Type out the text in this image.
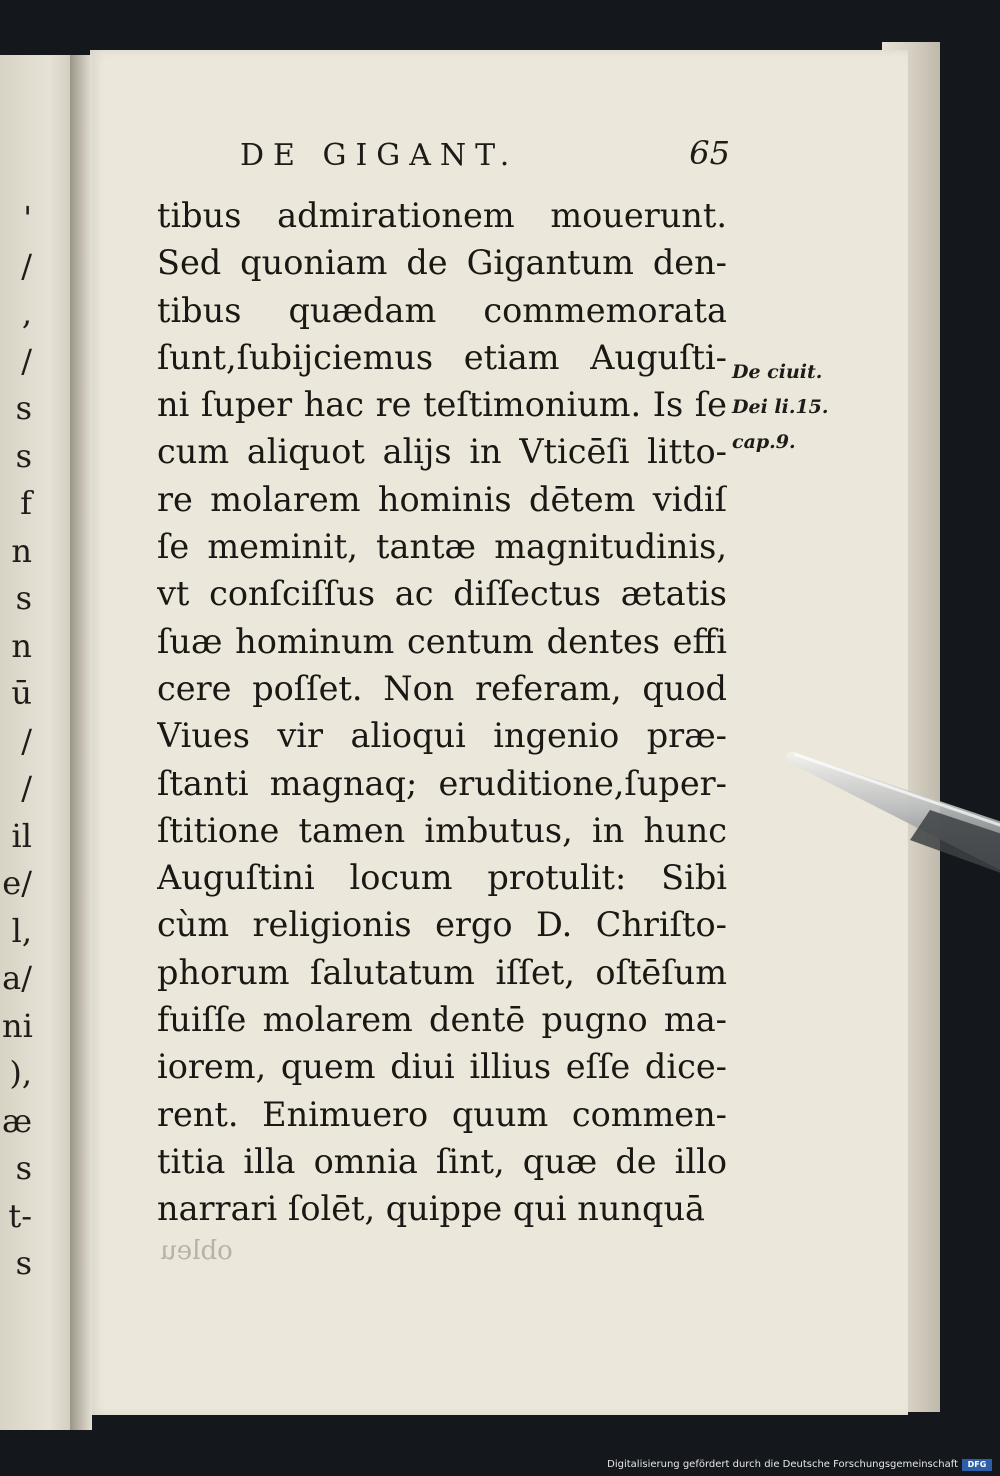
'
/
,
/
s
s
f
n
s
n
ū
/
/
il
e/
l,
a/
ni
),
æ
s
t-
s
DE GIGANT.	65
tibus admirationem mouerunt.
Sed quoniam de Gigantum den-
tibus quædam commemorata
ſunt,ſubijciemus etiam Auguſti-
ni ſuper hac re teſtimonium. Is ſe
cum aliquot alijs in Vticēſi litto-
re molarem hominis dētem vidiſ
ſe meminit, tantæ magnitudinis,
vt conſciſſus ac diſſectus ætatis
ſuæ hominum centum dentes effi
cere poſſet. Non referam, quod
Viues vir alioqui ingenio præ-
ſtanti magnaq; eruditione,ſuper-
ſtitione tamen imbutus, in hunc
Auguſtini locum protulit: Sibi
cùm religionis ergo D. Chriſto-
phorum ſalutatum iſſet, oſtēſum
fuiſſe molarem dentē pugno ma-
iorem, quem diui illius eſſe dice-
rent. Enimuero quum commen-
titia illa omnia ſint, quæ de illo
narrari ſolēt, quippe qui nunquā
De ciuit.
Dei li.15.
cap.9.
obleu
Digitalisierung gefördert durch die Deutsche Forschungsgemeinschaft	DFG
